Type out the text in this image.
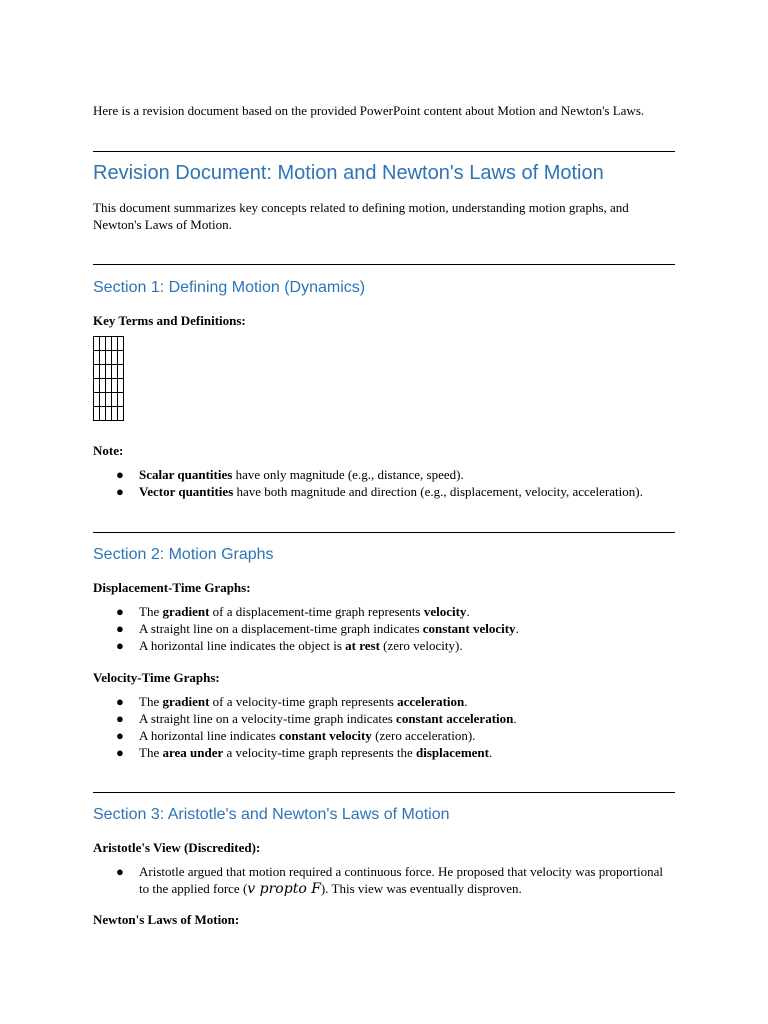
Here is a revision document based on the provided PowerPoint content about Motion and Newton's Laws.
Revision Document: Motion and Newton's Laws of Motion
This document summarizes key concepts related to defining motion, understanding motion graphs, and Newton's Laws of Motion.
Section 1: Defining Motion (Dynamics)
Key Terms and Definitions:

Note:
● Scalar quantities have only magnitude (e.g., distance, speed).
● Vector quantities have both magnitude and direction (e.g., displacement, velocity, acceleration).
Section 2: Motion Graphs
Displacement-Time Graphs:
● The gradient of a displacement-time graph represents velocity.
● A straight line on a displacement-time graph indicates constant velocity.
● A horizontal line indicates the object is at rest (zero velocity).
Velocity-Time Graphs:
● The gradient of a velocity-time graph represents acceleration.
● A straight line on a velocity-time graph indicates constant acceleration.
● A horizontal line indicates constant velocity (zero acceleration).
● The area under a velocity-time graph represents the displacement.
Section 3: Aristotle's and Newton's Laws of Motion
Aristotle's View (Discredited):
● Aristotle argued that motion required a continuous force. He proposed that velocity was proportional to the applied force (v propto F). This view was eventually disproven.
Newton's Laws of Motion:
